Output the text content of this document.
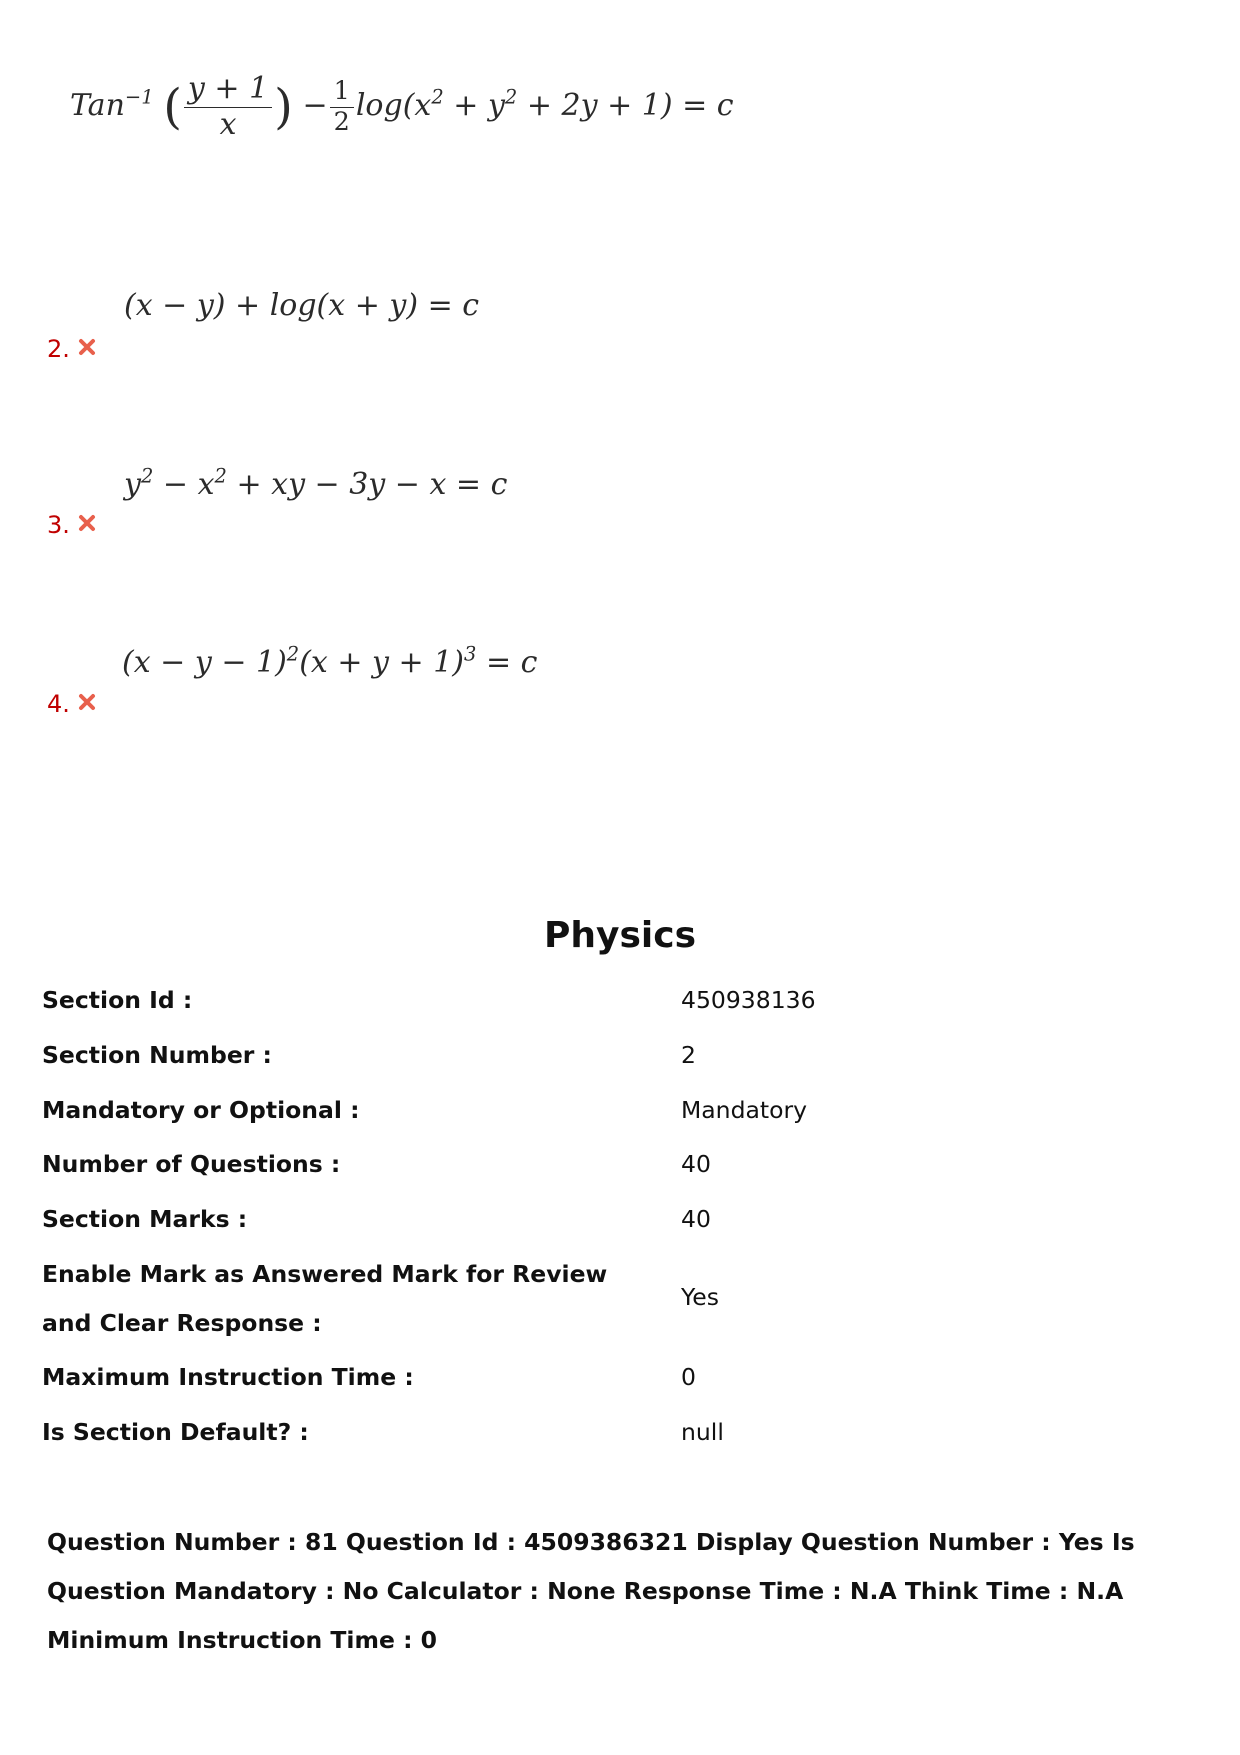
Tan$^{-1}$ ( $\frac{y + 1}{x}$ ) − $\frac{1}{2} \log(x^2 + y^2 + 2y + 1) = c$
(x − y) + log(x + y) = c
2.
$y^2 - x^2$ + xy − 3y − x = c
3.
$(x - y - 1)^2(x + y + 1)^3 = c$
4.
Physics
Section Id :	450938136
Section Number :	2
Mandatory or Optional :	Mandatory
Number of Questions :	40
Section Marks :	40
Enable Mark as Answered Mark for Review and Clear Response :
Yes
Maximum Instruction Time :	0
Is Section Default? :	null
Question Number : 81 Question Id : 4509386321 Display Question Number : Yes Is Question Mandatory : No Calculator : None Response Time : N.A Think Time : N.A Minimum Instruction Time : 0
